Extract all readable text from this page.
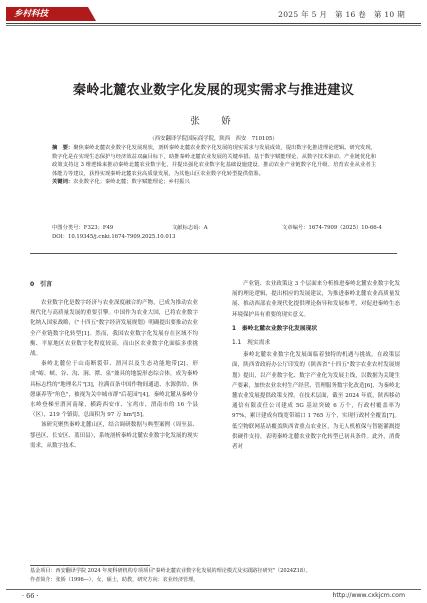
乡村科技	2025 年 5 月　第 16 卷　第 10 期
秦岭北麓农业数字化发展的现实需求与推进建议
张　娇
（西安翻译学院国际商学院，陕西　西安　710105）
摘　要：聚焦秦岭北麓农业数字化发展现状，剖析秦岭北麓农业数字化发展的现实需求与发展成效，提出数字化推进理论逻辑。研究发现，数字化是在实现生态保护与经济效益双赢目标下，助推秦岭北麓农业发展的关键举措。基于数字赋能理论，从数字技术驱动、产业链优化和政策支持这 3 维逻辑来推动秦岭北麓农业数字化，并提出强化农业数字化基础设施建设、推动农业产业链数字化升级、培育农业从业者主体能力等建议，获得实现秦岭北麓农业高质量发展，为其他山区农业数字化转型提供借鉴。
关键词：农业数字化；秦岭北麓；数字赋能理论；乡村振兴
中图分类号：F323；F49	文献标志码：A	文章编号：1674-7909（2025）10-66-4
DOI：10.19345/j.cnki.1674-7909.2025.10.013
0　引言

农业数字化是数字经济与农业深度融合的产物，已成为推动农业现代化与高质量发展的重要引擎。中国作为农业大国，已将农业数字化纳入国家战略，《"十四五"数字经济发展规划》明确提出要推动农业全产业链数字化转型[1]。然而，我国农业数字化发展存在区域不均衡、平原地区农业数字化程度较高，而山区农业数字化面临多重挑战。

秦岭北麓位于山南断裂带、渭河以及生态功能地带[2]，形成"峪、峡、谷、沟、涧、潭、泉"兼具的地貌形态综合体，成为秦岭具标志性的"地理名片"[3]，拉满首条中国作物间通道、水源供给、休憩康养等"角色"，被视为关中城市群"后花园"[4]。秦岭北麓从秦岭分水岭登梯至渭河南缘，横跨西安市、宝鸡市、渭南市的 16 个县（区），219 个镇街，总面积为 97 万 hm²[5]。

该研究聚焦秦岭北麓山区，结合调研数据与典型案例（周至县、鄠邑区、长安区、蓝田县），系统剖析秦岭北麓农业数字化发展的现实需求，从数字技术、

产业链、农业政策这 3 个层面来分析推进秦岭北麓农业数字化发展的理论逻辑，提出相应的发展建议，为推进秦岭北麓农业高质量发展、推动西部农业现代化提供理论指导和发展参考，对促进秦岭生态环境保护具有重要的现实意义。

1　秦岭北麓农业数字化发展现状
1.1　现实需求

秦岭北麓农业数字化发展面临着独特的机遇与挑战。在政策层面，陕西省政府办公厅印发的《陕西省"十四五"数字农业农村发展规划》提出，以产业数字化、数字产业化为发展主线，以数据为关键生产要素，加快农业农村生产经营、管理服务数字化改造[6]，为秦岭北麓农业发展提供政策支撑。在技术层面，截至 2024 年底，陕西移动通信有限责任公司建成 5G 基站突破 6 万个，行政村覆盖率为 97%，累计建成有线宽带端口 1 765 万个，实现行政村全覆盖[7]。低空物联网基站覆盖陕西省重点农业区，为无人机植保与智能灌溉提供硬件支持，表明秦岭北麓农业数字化转型已初具条件。此外，消费者对

基金项目：西安翻译学院 2024 年度科研机构专项项目"秦岭北麓农业数字化发展的理论模式及实践路径研究"（2024Z18）。
作者简介：张娇（1996—），女，硕士，助教，研究方向：农业经济管理。
· 66 ·	http://www.cxkjcm.com
